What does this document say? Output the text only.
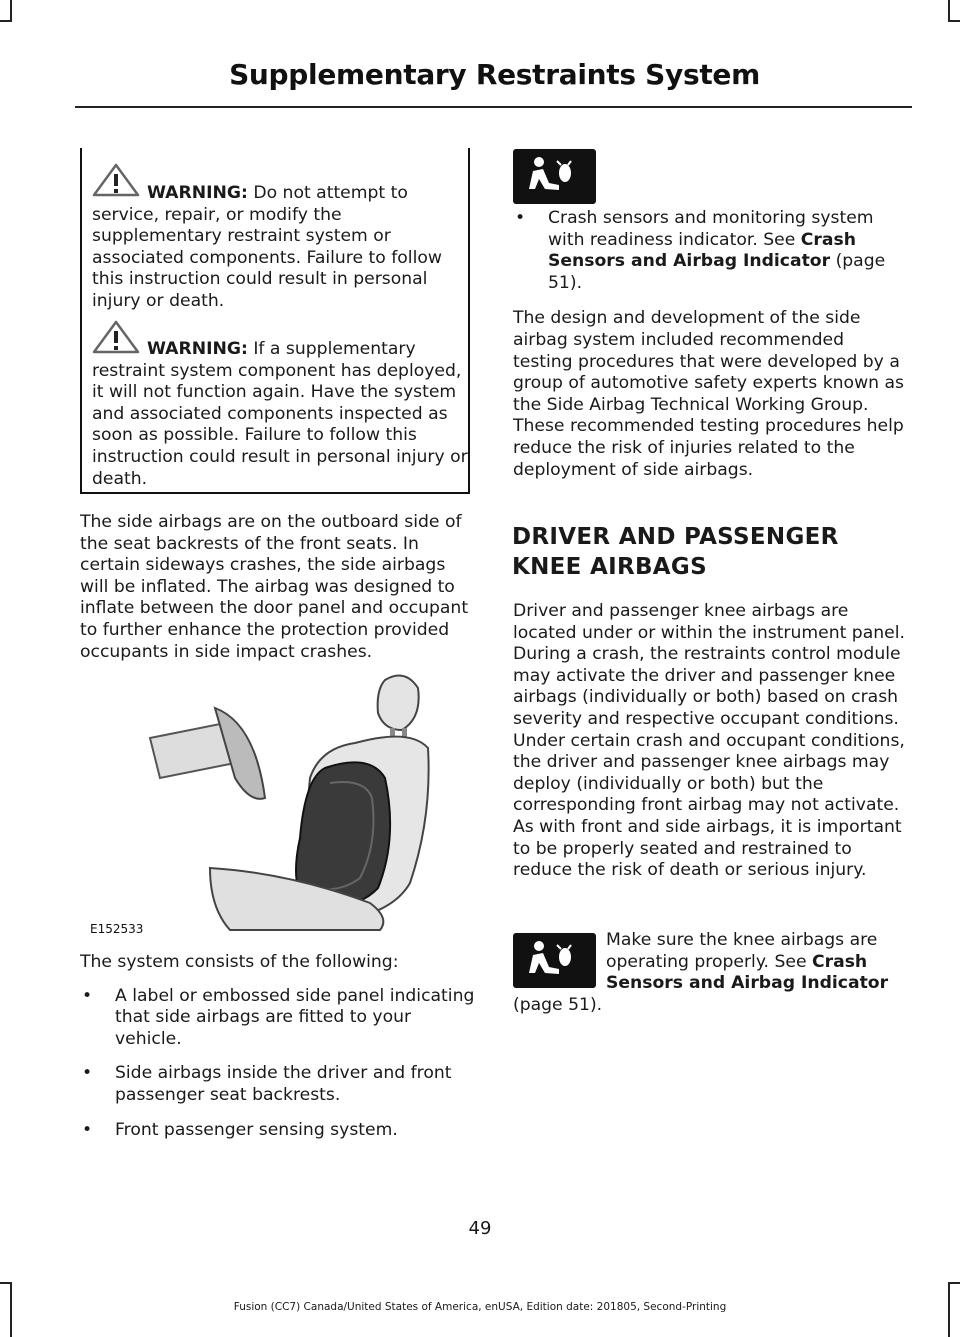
Supplementary Restraints System
WARNING: Do not attempt to service, repair, or modify the supplementary restraint system or associated components. Failure to follow this instruction could result in personal injury or death.
WARNING: If a supplementary restraint system component has deployed, it will not function again. Have the system and associated components inspected as soon as possible. Failure to follow this instruction could result in personal injury or death.

The side airbags are on the outboard side of the seat backrests of the front seats. In certain sideways crashes, the side airbags will be inflated. The airbag was designed to inflate between the door panel and occupant to further enhance the protection provided occupants in side impact crashes.

E152533

The system consists of the following:

• A label or embossed side panel indicating that side airbags are fitted to your vehicle.
• Side airbags inside the driver and front passenger seat backrests.
• Front passenger sensing system.
• Crash sensors and monitoring system with readiness indicator. See Crash Sensors and Airbag Indicator (page 51).

The design and development of the side airbag system included recommended testing procedures that were developed by a group of automotive safety experts known as the Side Airbag Technical Working Group. These recommended testing procedures help reduce the risk of injuries related to the deployment of side airbags.

DRIVER AND PASSENGER
KNEE AIRBAGS

Driver and passenger knee airbags are located under or within the instrument panel. During a crash, the restraints control module may activate the driver and passenger knee airbags (individually or both) based on crash severity and respective occupant conditions. Under certain crash and occupant conditions, the driver and passenger knee airbags may deploy (individually or both) but the corresponding front airbag may not activate. As with front and side airbags, it is important to be properly seated and restrained to reduce the risk of death or serious injury.

Make sure the knee airbags are operating properly. See Crash Sensors and Airbag Indicator
(page 51).
49
Fusion (CC7) Canada/United States of America, enUSA, Edition date: 201805, Second-Printing
